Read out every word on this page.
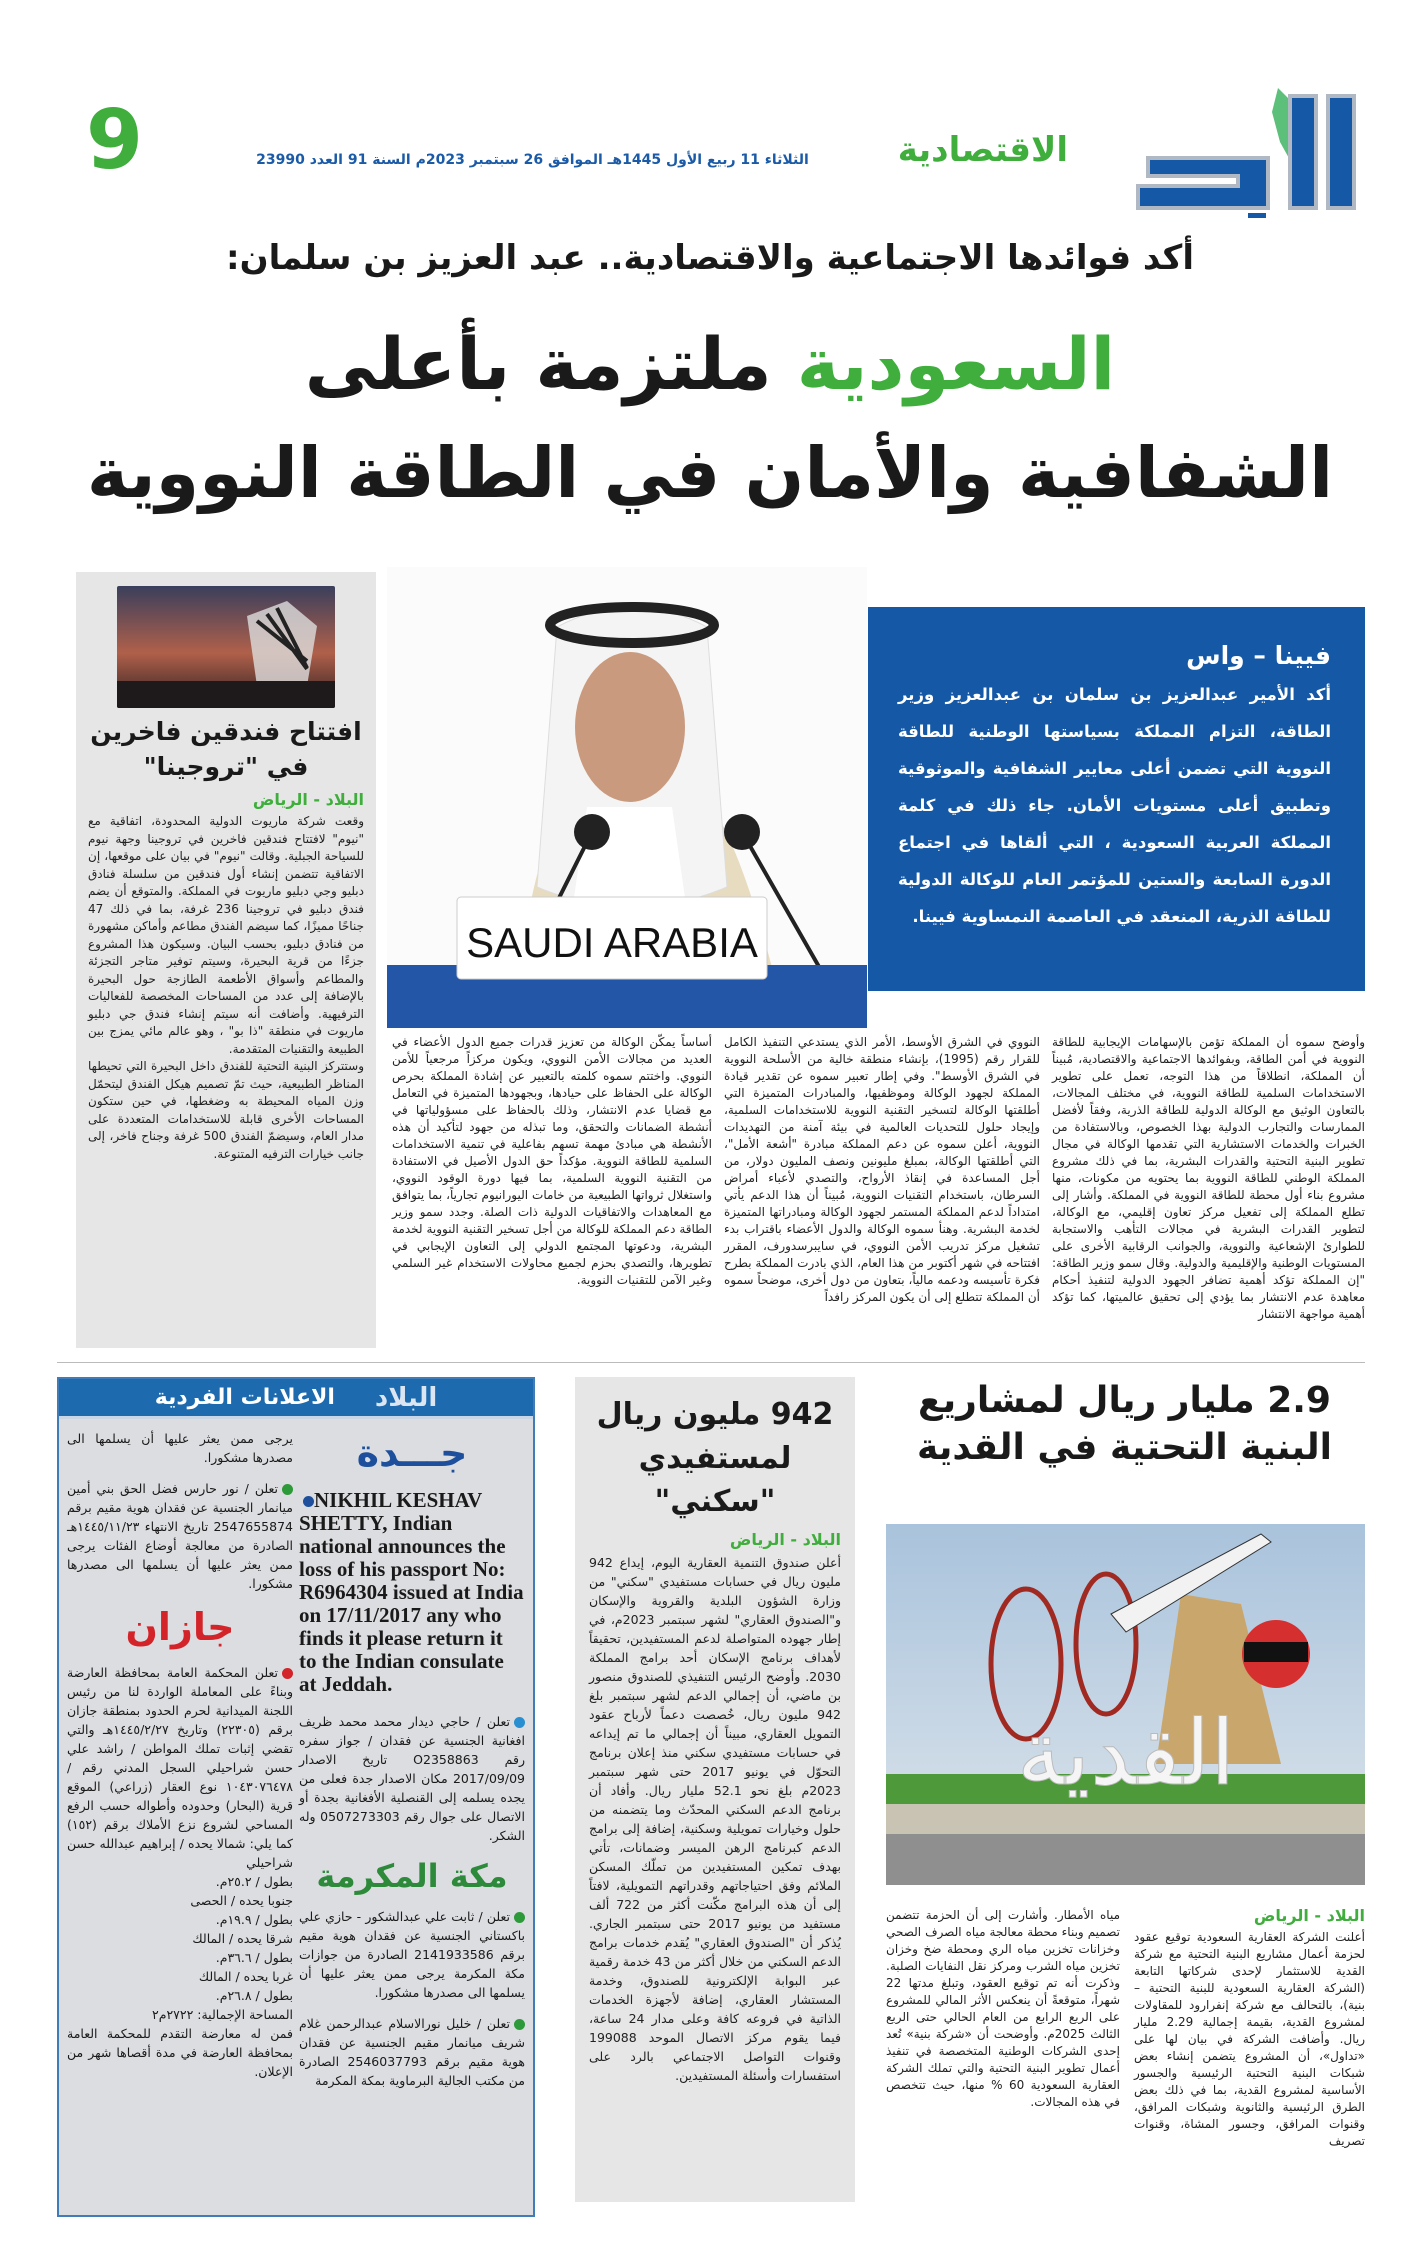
الاقتصادية
الثلاثاء 11 ربيع الأول 1445هـ الموافق 26 سبتمبر 2023م السنة 91 العدد 23990
9
أكد فوائدها الاجتماعية والاقتصادية.. عبد العزيز بن سلمان:
السعودية ملتزمة بأعلى
الشفافية والأمان في الطاقة النووية
افتتاح فندقين فاخرين في "تروجينا"
البلاد - الرياض

وقعت شركة ماريوت الدولية المحدودة، اتفاقية مع "نيوم" لافتتاح فندقين فاخرين في تروجينا وجهة نيوم للسياحة الجبلية. وقالت "نيوم" في بيان على موقعها، إن الاتفاقية تتضمن إنشاء أول فندقين من سلسلة فنادق دبليو وجي دبليو ماريوت في المملكة. والمتوقع أن يضم فندق دبليو في تروجينا 236 غرفة، بما في ذلك 47 جناحًا مميزًا، كما سيضم الفندق مطاعم وأماكن مشهورة من فنادق دبليو، بحسب البيان. وسيكون هذا المشروع جزءًا من قرية البحيرة، وسيتم توفير متاجر التجزئة والمطاعم وأسواق الأطعمة الطازجة حول البحيرة بالإضافة إلى عدد من المساحات المخصصة للفعاليات الترفيهية. وأضافت أنه سيتم إنشاء فندق جي دبليو ماريوت في منطقة "ذا بو" ، وهو عالم مائي يمزج بين الطبيعة والتقنيات المتقدمة.

وستتركز البنية التحتية للفندق داخل البحيرة التي تحيطها المناظر الطبيعية، حيث تمّ تصميم هيكل الفندق ليتحمّل وزن المياه المحيطة به وضغطها، في حين ستكون المساحات الأخرى قابلة للاستخدامات المتعددة على مدار العام، وسيضمّ الفندق 500 غرفة وجناح فاخر، إلى جانب خيارات الترفيه المتنوعة.

SAUDI ARABIA
فيينا – واس

أكد الأمير عبدالعزيز بن سلمان بن عبدالعزيز وزير الطاقة، التزام المملكة بسياستها الوطنية للطاقة النووية التي تضمن أعلى معايير الشفافية والموثوقية وتطبيق أعلى مستويات الأمان. جاء ذلك في كلمة المملكة العربية السعودية ، التي ألقاها في اجتماع الدورة السابعة والستين للمؤتمر العام للوكالة الدولية للطاقة الذرية، المنعقد في العاصمة النمساوية فيينا.

وأوضح سموه أن المملكة تؤمن بالإسهامات الإيجابية للطاقة النووية في أمن الطاقة، وبفوائدها الاجتماعية والاقتصادية، مُبيناً أن المملكة، انطلاقاً من هذا التوجه، تعمل على تطوير الاستخدامات السلمية للطاقة النووية، في مختلف المجالات، بالتعاون الوثيق مع الوكالة الدولية للطاقة الذرية، وفقاً لأفضل الممارسات والتجارب الدولية بهذا الخصوص، وبالاستفادة من الخبرات والخدمات الاستشارية التي تقدمها الوكالة في مجال تطوير البنية التحتية والقدرات البشرية، بما في ذلك مشروع المملكة الوطني للطاقة النووية بما يحتويه من مكونات، منها مشروع بناء أول محطة للطاقة النووية في المملكة. وأشار إلى تطلع المملكة إلى تفعيل مركز تعاون إقليمي، مع الوكالة، لتطوير القدرات البشرية في مجالات التأهب والاستجابة للطوارئ الإشعاعية والنووية، والجوانب الرقابية الأخرى على المستويات الوطنية والإقليمية والدولية. وقال سمو وزير الطاقة: "إن المملكة تؤكد أهمية تضافر الجهود الدولية لتنفيذ أحكام معاهدة عدم الانتشار بما يؤدي إلى تحقيق عالميتها، كما تؤكد أهمية مواجهة الانتشار
النووي في الشرق الأوسط، الأمر الذي يستدعي التنفيذ الكامل للقرار رقم (1995)، بإنشاء منطقة خالية من الأسلحة النووية في الشرق الأوسط". وفي إطار تعبير سموه عن تقدير قيادة المملكة لجهود الوكالة وموظفيها، والمبادرات المتميزة التي أطلقتها الوكالة لتسخير التقنية النووية للاستخدامات السلمية، وإيجاد حلول للتحديات العالمية في بيئة آمنة من التهديدات النووية، أعلن سموه عن دعم المملكة مبادرة "أشعة الأمل"، التي أطلقتها الوكالة، بمبلغ مليونين ونصف المليون دولار، من أجل المساعدة في إنقاذ الأرواح، والتصدي لأعباء أمراض السرطان، باستخدام التقنيات النووية، مُبيناً أن هذا الدعم يأتي امتداداً لدعم المملكة المستمر لجهود الوكالة ومبادراتها المتميزة لخدمة البشرية. وهنأ سموه الوكالة والدول الأعضاء باقتراب بدء تشغيل مركز تدريب الأمن النووي، في سايبرسدورف، المقرر افتتاحه في شهر أكتوبر من هذا العام، الذي بادرت المملكة بطرح فكرة تأسيسه ودعمه مالياً، بتعاون من دول أخرى، موضحاً سموه أن المملكة تتطلع إلى أن يكون المركز رافداً
أساساً يمكّن الوكالة من تعزيز قدرات جميع الدول الأعضاء في العديد من مجالات الأمن النووي، ويكون مركزاً مرجعياً للأمن النووي. واختتم سموه كلمته بالتعبير عن إشادة المملكة بحرص الوكالة على الحفاظ على حيادها، وبجهودها المتميزة في التعامل مع قضايا عدم الانتشار، وذلك بالحفاظ على مسؤولياتها في أنشطة الضمانات والتحقق، وما تبذله من جهود لتأكيد أن هذه الأنشطة هي مبادئ مهمة تسهم بفاعلية في تنمية الاستخدامات السلمية للطاقة النووية. مؤكداً حق الدول الأصيل في الاستفادة من التقنية النووية السلمية، بما فيها دورة الوقود النووي، واستغلال ثرواتها الطبيعية من خامات اليورانيوم تجارياً، بما يتوافق مع المعاهدات والاتفاقيات الدولية ذات الصلة. وجدد سمو وزير الطاقة دعم المملكة للوكالة من أجل تسخير التقنية النووية لخدمة البشرية، ودعوتها المجتمع الدولي إلى التعاون الإيجابي في تطويرها، والتصدي بحزم لجميع محاولات الاستخدام غير السلمي وغير الآمن للتقنيات النووية.
2.9 مليار ريال لمشاريع البنية التحتية في القدية
القدية
البلاد - الرياض
أعلنت الشركة العقارية السعودية توقيع عقود لحزمة أعمال مشاريع البنية التحتية مع شركة القدية للاستثمار لإحدى شركاتها التابعة (الشركة العقارية السعودية للبنية التحتية – بنية)، بالتحالف مع شركة إنفرارود للمقاولات لمشروع القدية، بقيمة إجمالية 2.29 مليار ريال. وأضافت الشركة في بيان لها على «تداول»، أن المشروع يتضمن إنشاء بعض شبكات البنية التحتية الرئيسية والجسور الأساسية لمشروع القدية، بما في ذلك بعض الطرق الرئيسية والثانوية وشبكات المرافق، وقنوات المرافق، وجسور المشاة، وقنوات تصريف
مياه الأمطار. وأشارت إلى أن الحزمة تتضمن تصميم وبناء محطة معالجة مياه الصرف الصحي وخزانات تخزين مياه الري ومحطة ضخ وخزان تخزين مياه الشرب ومركز نقل النفايات الصلبة. وذكرت أنه تم توقيع العقود، وتبلغ مدتها 22 شهراً، متوقعةً أن ينعكس الأثر المالي للمشروع على الربع الرابع من العام الحالي حتى الربع الثالث 2025م. وأوضحت أن «شركة بنية» تُعد إحدى الشركات الوطنية المتخصصة في تنفيذ أعمال تطوير البنية التحتية والتي تملك الشركة العقارية السعودية 60 % منها، حيث تتخصص في هذه المجالات.
942 مليون ريال لمستفيدي "سكني"
البلاد - الرياض
أعلن صندوق التنمية العقارية اليوم، إيداع 942 مليون ريال في حسابات مستفيدي "سكني" من وزارة الشؤون البلدية والقروية والإسكان و"الصندوق العقاري" لشهر سبتمبر 2023م، في إطار جهوده المتواصلة لدعم المستفيدين، تحقيقاً لأهداف برنامج الإسكان أحد برامج المملكة 2030. وأوضح الرئيس التنفيذي للصندوق منصور بن ماضي، أن إجمالي الدعم لشهر سبتمبر بلغ 942 مليون ريال، خُصصت دعماً لأرباح عقود التمويل العقاري، مبيناً أن إجمالي ما تم إيداعه في حسابات مستفيدي سكني منذ إعلان برنامج التحوّل في يونيو 2017 حتى شهر سبتمبر 2023م بلغ نحو 52.1 مليار ريال. وأفاد أن برنامج الدعم السكني المحدّث وما يتضمنه من حلول وخيارات تمويلية وسكنية، إضافة إلى برامج الدعم كبرنامج الرهن الميسر وضمانات، تأتي بهدف تمكين المستفيدين من تملّك المسكن الملائم وفق احتياجاتهم وقدراتهم التمويلية، لافتاً إلى أن هذه البرامج مكّنت أكثر من 722 ألف مستفيد من يونيو 2017 حتى سبتمبر الجاري. يُذكر أن "الصندوق العقاري" يُقدم خدمات برامج الدعم السكني من خلال أكثر من 43 خدمة رقمية عبر البوابة الإلكترونية للصندوق، وخدمة المستشار العقاري، إضافة لأجهزة الخدمات الذاتية في فروعه كافة وعلى مدار 24 ساعة، فيما يقوم مركز الاتصال الموحد 199088 وقنوات التواصل الاجتماعي بالرد على استفسارات وأسئلة المستفيدين.
البلاد
الاعلانات الفردية
جـــدة
NIKHIL KESHAV SHETTY, Indian national announces the loss of his passport No: R6964304 issued at India on 17/11/2017 any who finds it please return it to the Indian consulate at Jeddah.
تعلن / حاجي ديدار محمد محمد ظريف افغانية الجنسية عن فقدان / جواز سفره رقم O2358863 تاريخ الاصدار 2017/09/09 مكان الاصدار جدة فعلى من يجده يسلمه إلى القنصلية الأفغانية بجدة أو الاتصال على جوال رقم 0507273303 وله الشكر.
مكة المكرمة
تعلن / ثابت علي عبدالشكور - حازي علي باكستاني الجنسية عن فقدان هوية مقيم برقم 2141933586 الصادرة من جوازات مكة المكرمة يرجى ممن يعثر عليها أن يسلمها الى مصدرها مشكورا.
تعلن / خليل نورالاسلام عبدالرحمن غلام شريف ميانمار مقيم الجنسية عن فقدان هوية مقيم برقم 2546037793 الصادرة من مكتب الجالية البرماوية بمكة المكرمة
يرجى ممن يعثر عليها أن يسلمها الى مصدرها مشكورا.
تعلن / نور حارس فضل الحق بني أمين ميانمار الجنسية عن فقدان هوية مقيم برقم 2547655874 تاريخ الانتهاء ١٤٤٥/١١/٢٣هـ الصادرة من معالجة أوضاع الفئات يرجى ممن يعثر عليها أن يسلمها الى مصدرها مشكورا.
جازان
تعلن المحكمة العامة بمحافظة العارضة وبناءً على المعاملة الواردة لنا من رئيس اللجنة الميدانية لحرم الحدود بمنطقة جازان برقم (٢٢٣٠٥) وتاريخ ١٤٤٥/٢/٢٧هـ والتي تقضي إثبات تملك المواطن / راشد علي حسن شراحيلي السجل المدني رقم / ١٠٤٣٠٧٦٤٧٨ نوع العقار (زراعي) الموقع قرية (البحار) وحدوده وأطواله حسب الرفع المساحي لشروع نزع الأملاك برقم (١٥٢) كما يلي: شمالا يحده / إبراهيم عبدالله حسن شراحيلي
بطول / ٢٥.٢م.
جنوبا يحده / الحصى
بطول / ١٩.٩م.
شرقا يحده / المالك
بطول / ٣٦.٦م.
غربا يحده / المالك
بطول / ٢٦.٨م.
المساحة الإجمالية: ٢٧٢٢م٢
فمن له معارضة التقدم للمحكمة العامة بمحافظة العارضة في مدة أقصاها شهر من الإعلان.
